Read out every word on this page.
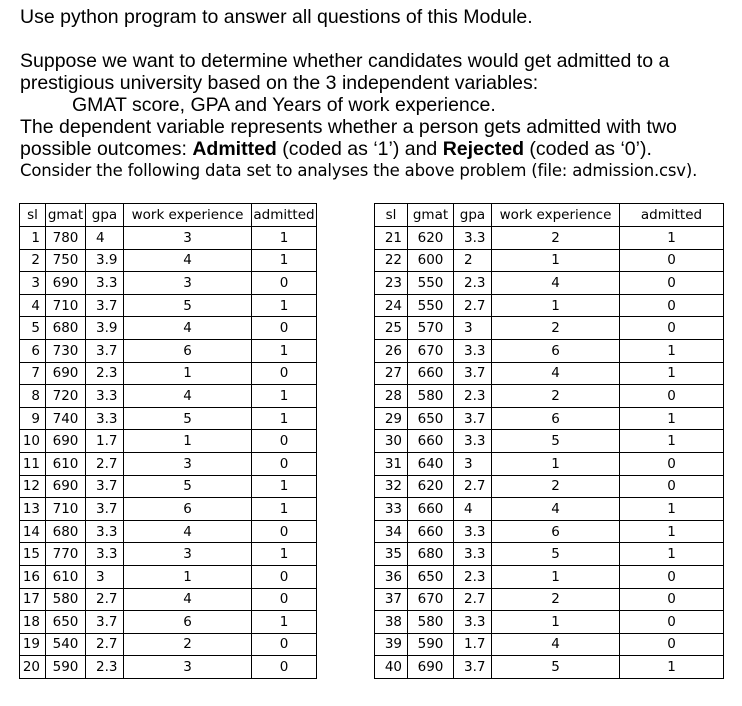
Use python program to answer all questions of this Module.

Suppose we want to determine whether candidates would get admitted to a prestigious university based on the 3 independent variables:

GMAT score, GPA and Years of work experience.

The dependent variable represents whether a person gets admitted with two possible outcomes: Admitted (coded as ‘1’) and Rejected (coded as ‘0’).

Consider the following data set to analyses the above problem (file: admission.csv).

sl	gmat	gpa	work experience	admitted
1	780	4	3	1
2	750	3.9	4	1
3	690	3.3	3	0
4	710	3.7	5	1
5	680	3.9	4	0
6	730	3.7	6	1
7	690	2.3	1	0
8	720	3.3	4	1
9	740	3.3	5	1
10	690	1.7	1	0
11	610	2.7	3	0
12	690	3.7	5	1
13	710	3.7	6	1
14	680	3.3	4	0
15	770	3.3	3	1
16	610	3	1	0
17	580	2.7	4	0
18	650	3.7	6	1
19	540	2.7	2	0
20	590	2.3	3	0
sl	gmat	gpa	work experience	admitted
21	620	3.3	2	1
22	600	2	1	0
23	550	2.3	4	0
24	550	2.7	1	0
25	570	3	2	0
26	670	3.3	6	1
27	660	3.7	4	1
28	580	2.3	2	0
29	650	3.7	6	1
30	660	3.3	5	1
31	640	3	1	0
32	620	2.7	2	0
33	660	4	4	1
34	660	3.3	6	1
35	680	3.3	5	1
36	650	2.3	1	0
37	670	2.7	2	0
38	580	3.3	1	0
39	590	1.7	4	0
40	690	3.7	5	1
